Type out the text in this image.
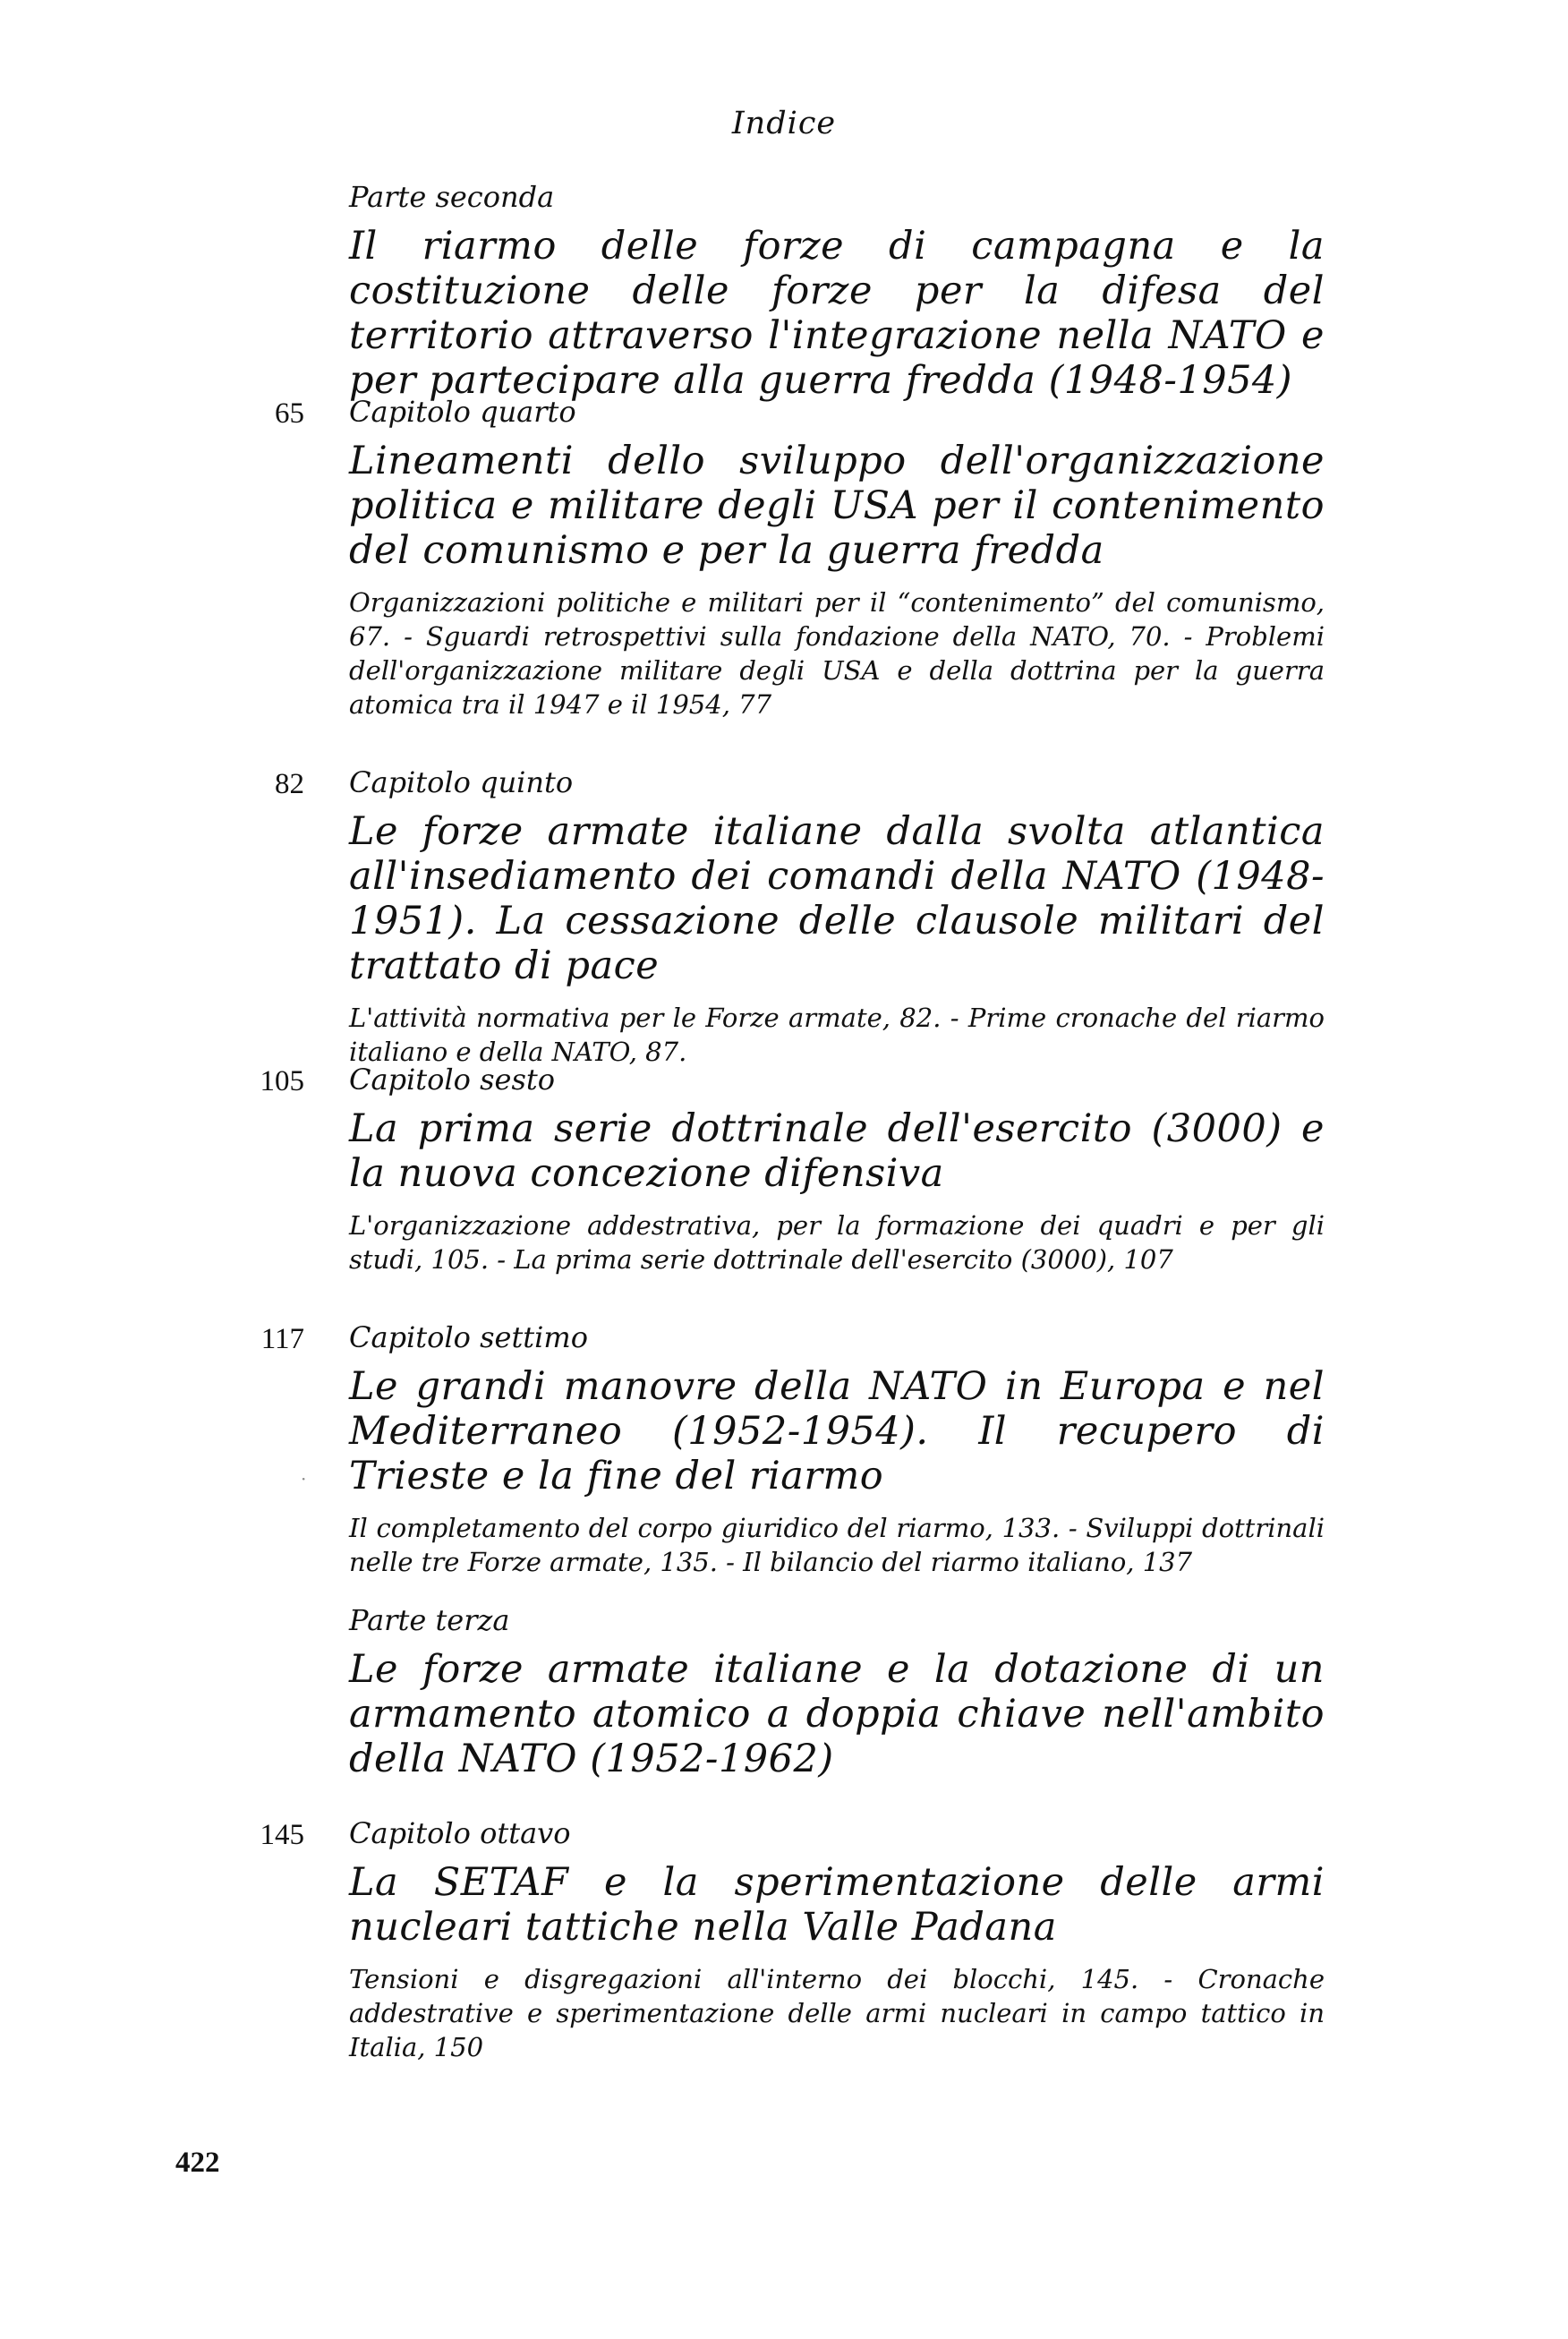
Indice

Parte seconda

Il riarmo delle forze di campagna e la costituzione delle forze per la difesa del territorio attraverso l'integrazione nella NATO e per partecipare alla guerra fredda (1948-1954)

65 Capitolo quarto

Lineamenti dello sviluppo dell'organizzazione politica e militare degli USA per il contenimento del comunismo e per la guerra fredda

Organizzazioni politiche e militari per il “contenimento” del comunismo, 67. - Sguardi retrospettivi sulla fondazione della NATO, 70. - Problemi dell'organizzazione militare degli USA e della dottrina per la guerra atomica tra il 1947 e il 1954, 77

82 Capitolo quinto

Le forze armate italiane dalla svolta atlantica all'insediamento dei comandi della NATO (1948-1951). La cessazione delle clausole militari del trattato di pace

L'attività normativa per le Forze armate, 82. - Prime cronache del riarmo italiano e della NATO, 87.

105 Capitolo sesto

La prima serie dottrinale dell'esercito (3000) e la nuova concezione difensiva

L'organizzazione addestrativa, per la formazione dei quadri e per gli studi, 105. - La prima serie dottrinale dell'esercito (3000), 107

117 Capitolo settimo

Le grandi manovre della NATO in Europa e nel Mediterraneo (1952-1954). Il recupero di Trieste e la fine del riarmo

Il completamento del corpo giuridico del riarmo, 133. - Sviluppi dottrinali nelle tre Forze armate, 135. - Il bilancio del riarmo italiano, 137

·

Parte terza

Le forze armate italiane e la dotazione di un armamento atomico a doppia chiave nell'ambito della NATO (1952-1962)

145 Capitolo ottavo

La SETAF e la sperimentazione delle armi nucleari tattiche nella Valle Padana

Tensioni e disgregazioni all'interno dei blocchi, 145. - Cronache addestrative e sperimentazione delle armi nucleari in campo tattico in Italia, 150

422
